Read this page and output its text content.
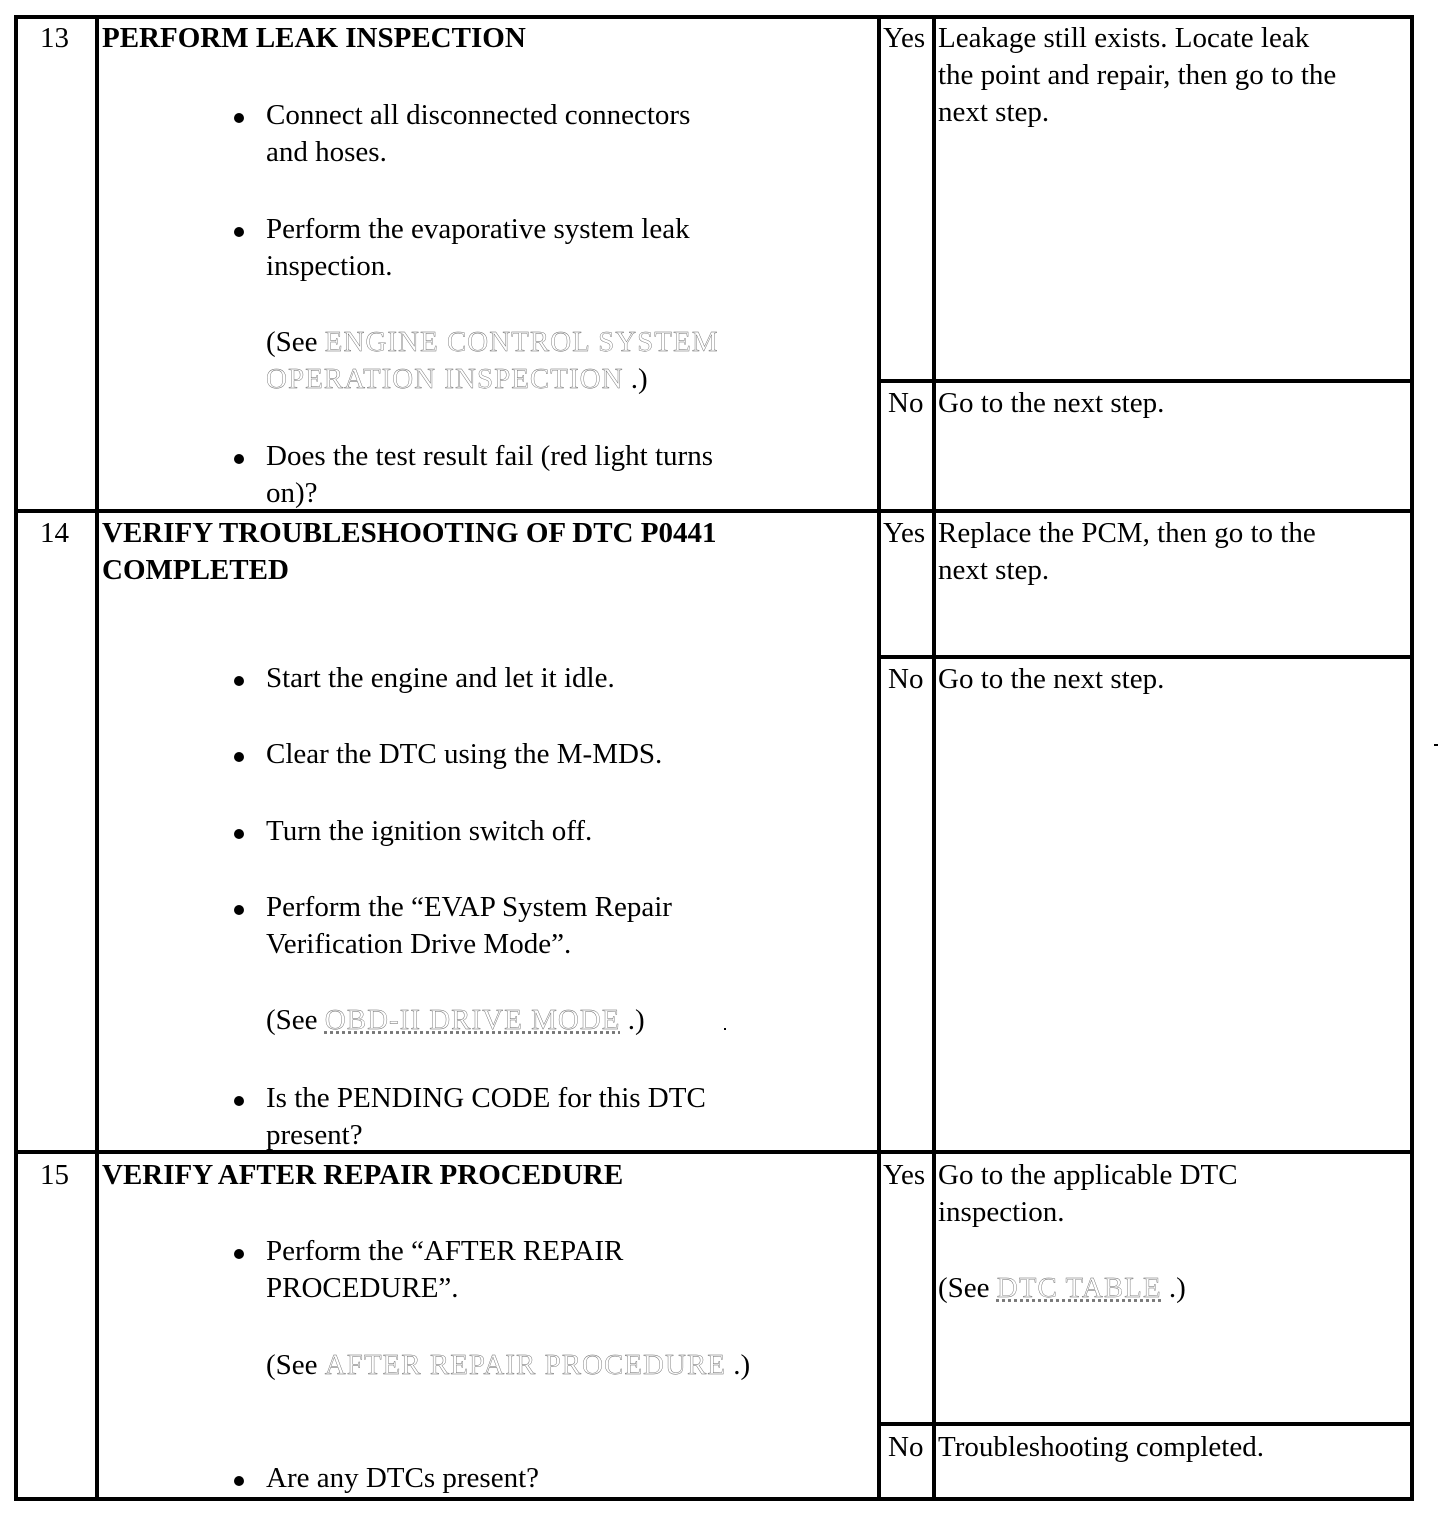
13 PERFORM LEAK INSPECTION
Connect all disconnected connectors
and hoses.
Perform the evaporative system leak
inspection.
(See ENGINE CONTROL SYSTEM
OPERATION INSPECTION .)
Does the test result fail (red light turns
on)?
Yes Leakage still exists. Locate leak
the point and repair, then go to the
next step.
No Go to the next step.
14 VERIFY TROUBLESHOOTING OF DTC P0441
COMPLETED
Start the engine and let it idle.
Clear the DTC using the M-MDS.
Turn the ignition switch off.
Perform the “EVAP System Repair
Verification Drive Mode”.
(See OBD-II DRIVE MODE .)
Is the PENDING CODE for this DTC
present?
Yes Replace the PCM, then go to the
next step.
No Go to the next step.
15 VERIFY AFTER REPAIR PROCEDURE
Perform the “AFTER REPAIR
PROCEDURE”.
(See AFTER REPAIR PROCEDURE .)
Are any DTCs present?
Yes Go to the applicable DTC
inspection.
(See DTC TABLE .)
No Troubleshooting completed.
